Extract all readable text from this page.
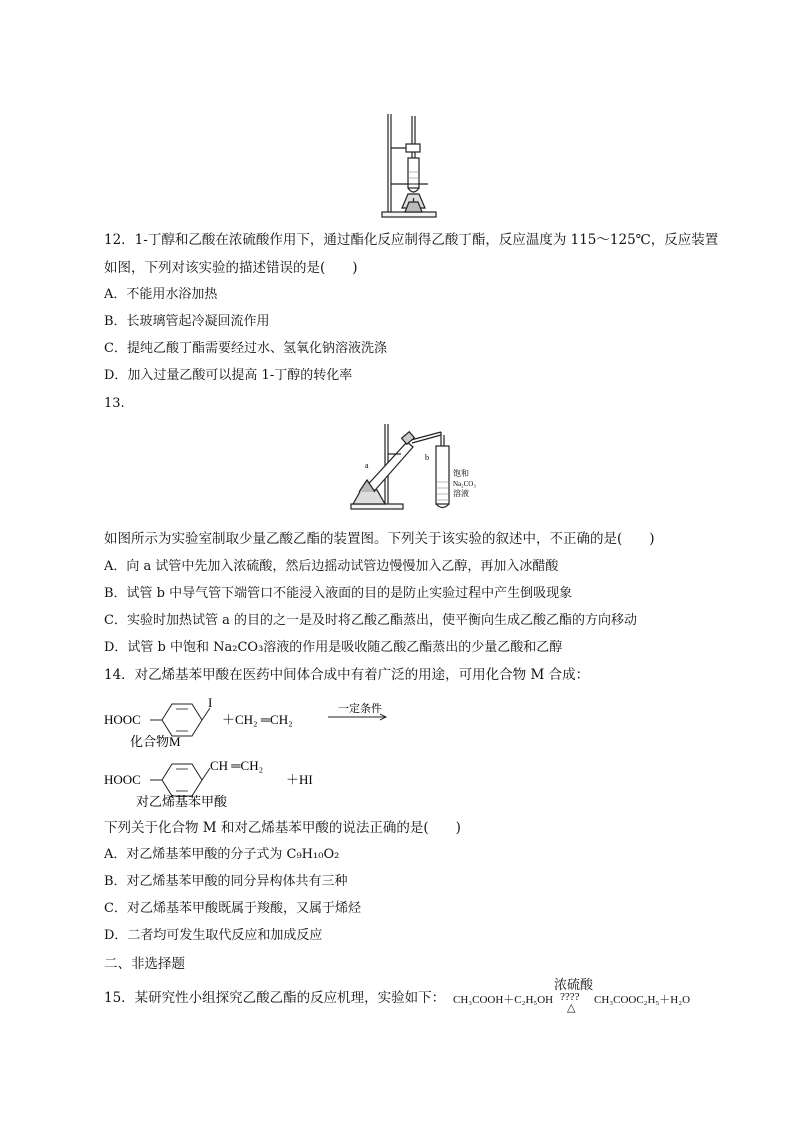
12．1-丁醇和乙酸在浓硫酸作用下，通过酯化反应制得乙酸丁酯，反应温度为 115～125℃，反应装置
如图，下列对该实验的描述错误的是(　　)
A．不能用水浴加热
B．长玻璃管起冷凝回流作用
C．提纯乙酸丁酯需要经过水、氢氧化钠溶液洗涤
D．加入过量乙酸可以提高 1-丁醇的转化率
13.
a
b
饱和
Na₂CO₃
溶液
如图所示为实验室制取少量乙酸乙酯的装置图。下列关于该实验的叙述中，不正确的是(　　)
A．向 a 试管中先加入浓硫酸，然后边摇动试管边慢慢加入乙醇，再加入冰醋酸
B．试管 b 中导气管下端管口不能浸入液面的目的是防止实验过程中产生倒吸现象
C．实验时加热试管 a 的目的之一是及时将乙酸乙酯蒸出，使平衡向生成乙酸乙酯的方向移动
D．试管 b 中饱和 Na₂CO₃溶液的作用是吸收随乙酸乙酯蒸出的少量乙酸和乙醇
14．对乙烯基苯甲酸在医药中间体合成中有着广泛的用途，可用化合物 M 合成：
HOOC
I
＋CH₂ ═CH₂
一定条件
化合物M
HOOC
CH ═CH₂
＋HI
对乙烯基苯甲酸
下列关于化合物 M 和对乙烯基苯甲酸的说法正确的是(　　)
A．对乙烯基苯甲酸的分子式为 C₉H₁₀O₂
B．对乙烯基苯甲酸的同分异构体共有三种
C．对乙烯基苯甲酸既属于羧酸，又属于烯烃
D．二者均可发生取代反应和加成反应
二、非选择题
15．某研究性小组探究乙酸乙酯的反应机理，实验如下： CH₃COOH＋C₂H₅OH
浓硫酸
????
△
CH₃COOC₂H₅＋H₂O
